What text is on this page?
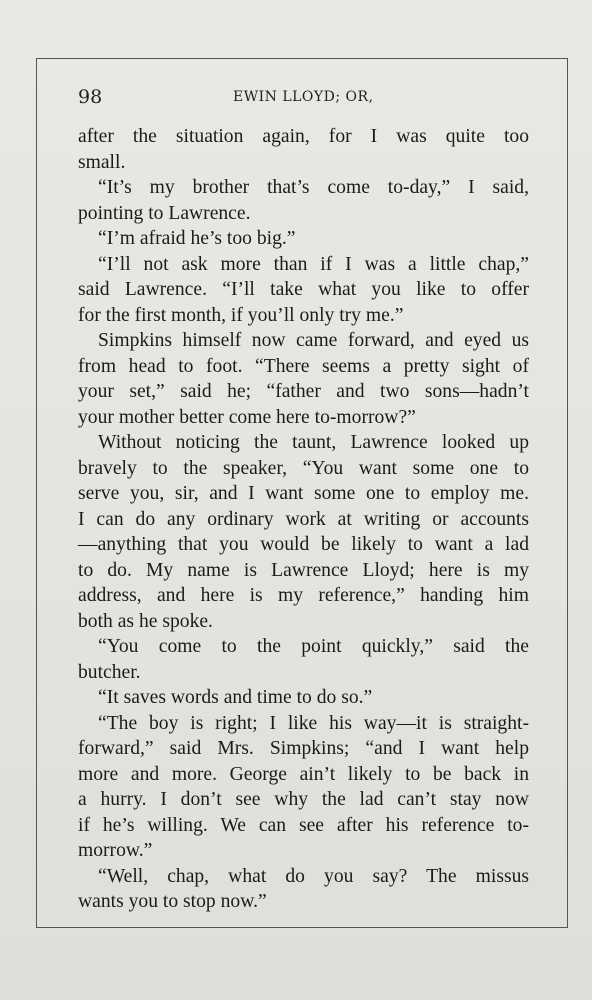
98	EWIN LLOYD; OR,
after the situation again, for I was quite too
small.
“It’s my brother that’s come to-day,” I said,
pointing to Lawrence.
“I’m afraid he’s too big.”
“I’ll not ask more than if I was a little chap,”
said Lawrence. “I’ll take what you like to offer
for the first month, if you’ll only try me.”
Simpkins himself now came forward, and eyed us
from head to foot. “There seems a pretty sight of
your set,” said he; “father and two sons—hadn’t
your mother better come here to-morrow?”
Without noticing the taunt, Lawrence looked up
bravely to the speaker, “You want some one to
serve you, sir, and I want some one to employ me.
I can do any ordinary work at writing or accounts
—anything that you would be likely to want a lad
to do. My name is Lawrence Lloyd; here is my
address, and here is my reference,” handing him
both as he spoke.
“You come to the point quickly,” said the
butcher.
“It saves words and time to do so.”
“The boy is right; I like his way—it is straight-
forward,” said Mrs. Simpkins; “and I want help
more and more. George ain’t likely to be back in
a hurry. I don’t see why the lad can’t stay now
if he’s willing. We can see after his reference to-
morrow.”
“Well, chap, what do you say? The missus
wants you to stop now.”
